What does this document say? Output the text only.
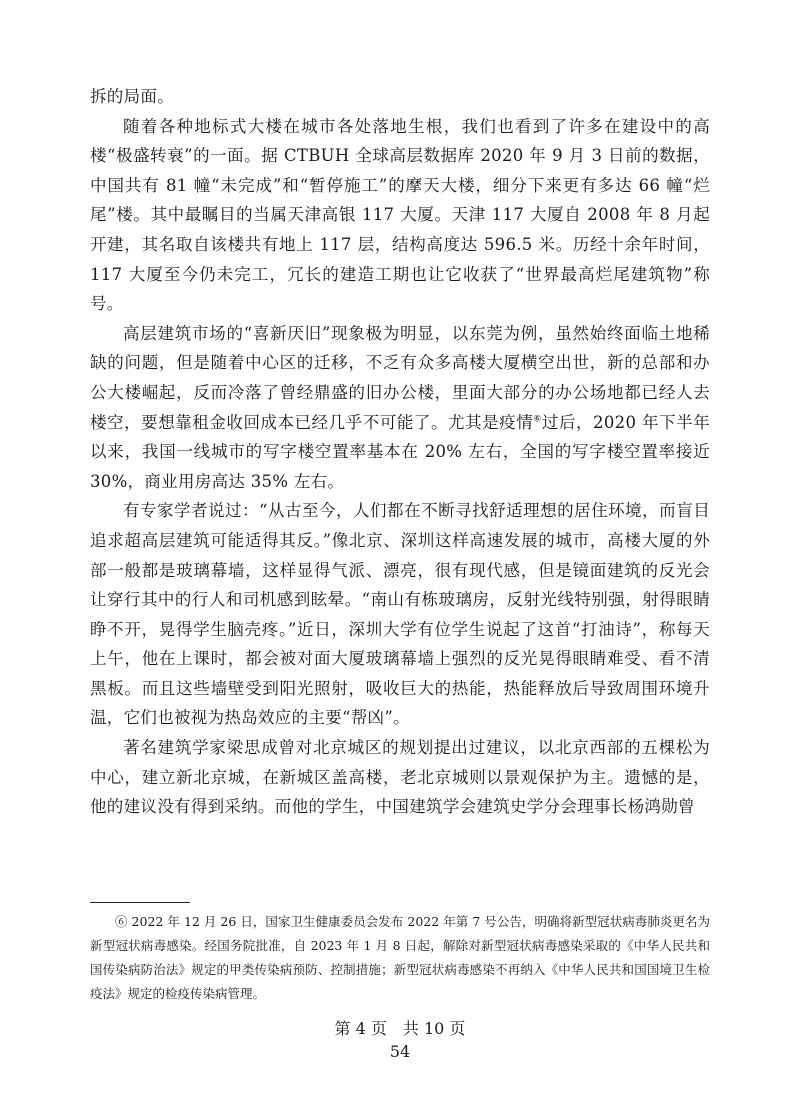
拆的局面。

随着各种地标式大楼在城市各处落地生根，我们也看到了许多在建设中的高楼“极盛转衰”的一面。据 CTBUH 全球高层数据库 2020 年 9 月 3 日前的数据，中国共有 81 幢“未完成”和“暂停施工”的摩天大楼，细分下来更有多达 66 幢“烂尾”楼。其中最瞩目的当属天津高银 117 大厦。天津 117 大厦自 2008 年 8 月起开建，其名取自该楼共有地上 117 层，结构高度达 596.5 米。历经十余年时间，117 大厦至今仍未完工，冗长的建造工期也让它收获了“世界最高烂尾建筑物”称号。

高层建筑市场的“喜新厌旧”现象极为明显，以东莞为例，虽然始终面临土地稀缺的问题，但是随着中心区的迁移，不乏有众多高楼大厦横空出世，新的总部和办公大楼崛起，反而冷落了曾经鼎盛的旧办公楼，里面大部分的办公场地都已经人去楼空，要想靠租金收回成本已经几乎不可能了。尤其是疫情⑥过后，2020 年下半年以来，我国一线城市的写字楼空置率基本在 20% 左右，全国的写字楼空置率接近 30%，商业用房高达 35% 左右。

有专家学者说过：“从古至今，人们都在不断寻找舒适理想的居住环境，而盲目追求超高层建筑可能适得其反。”像北京、深圳这样高速发展的城市，高楼大厦的外部一般都是玻璃幕墙，这样显得气派、漂亮，很有现代感，但是镜面建筑的反光会让穿行其中的行人和司机感到眩晕。“南山有栋玻璃房，反射光线特别强，射得眼睛睁不开，晃得学生脑壳疼。”近日，深圳大学有位学生说起了这首“打油诗”，称每天上午，他在上课时，都会被对面大厦玻璃幕墙上强烈的反光晃得眼睛难受、看不清黑板。而且这些墙壁受到阳光照射，吸收巨大的热能，热能释放后导致周围环境升温，它们也被视为热岛效应的主要“帮凶”。

著名建筑学家梁思成曾对北京城区的规划提出过建议，以北京西部的五棵松为中心，建立新北京城，在新城区盖高楼，老北京城则以景观保护为主。遗憾的是，他的建议没有得到采纳。而他的学生，中国建筑学会建筑史学分会理事长杨鸿勋曾

⑥ 2022 年 12 月 26 日，国家卫生健康委员会发布 2022 年第 7 号公告，明确将新型冠状病毒肺炎更名为新型冠状病毒感染。经国务院批准，自 2023 年 1 月 8 日起，解除对新型冠状病毒感染采取的《中华人民共和国传染病防治法》规定的甲类传染病预防、控制措施；新型冠状病毒感染不再纳入《中华人民共和国国境卫生检疫法》规定的检疫传染病管理。

第 4 页　共 10 页

54
